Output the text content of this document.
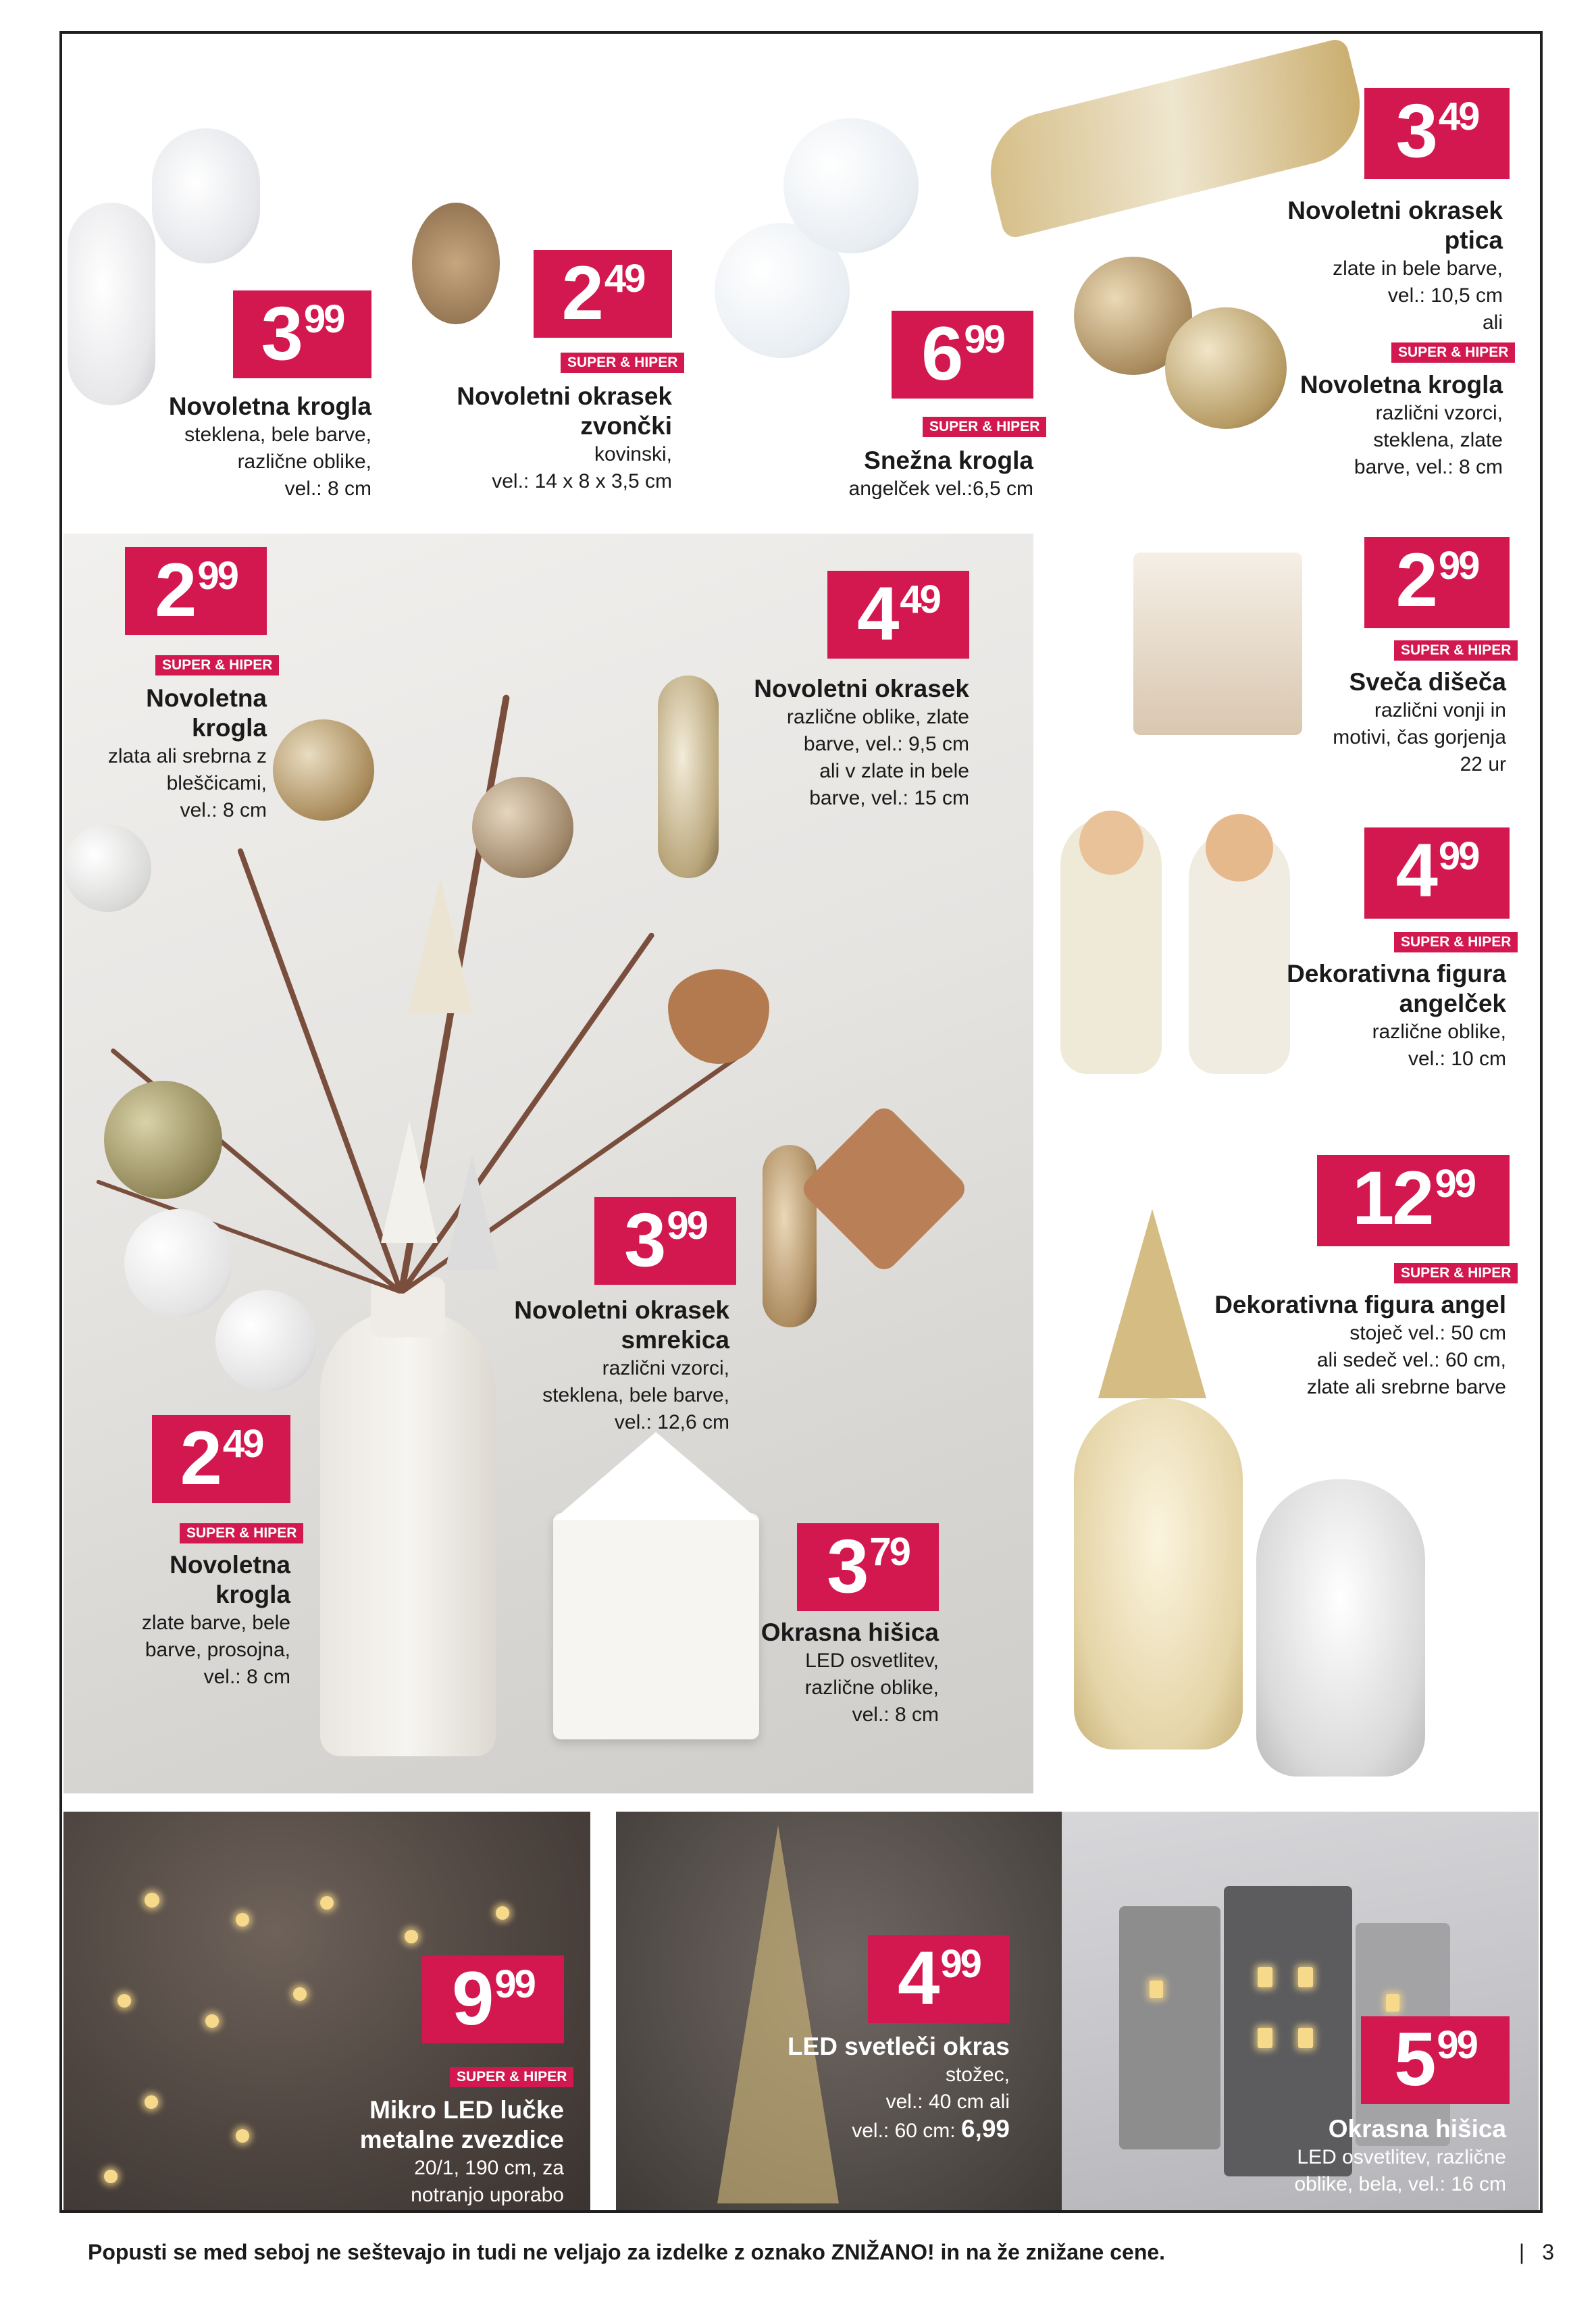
3 99
Novoletna krogla
steklena, bele barve,
različne oblike,
vel.: 8 cm
2 49
SUPER & HIPER
Novoletni okrasek zvončki
kovinski,
vel.: 14 x 8 x 3,5 cm
6 99
SUPER & HIPER
Snežna krogla
angelček vel.:6,5 cm
3 49
Novoletni okrasek ptica
zlate in bele barve,
vel.: 10,5 cm
ali
SUPER & HIPER
Novoletna krogla
različni vzorci,
steklena, zlate
barve, vel.: 8 cm
2 99
SUPER & HIPER
Novoletna krogla
zlata ali srebrna z
bleščicami,
vel.: 8 cm
4 49
Novoletni okrasek
različne oblike, zlate
barve, vel.: 9,5 cm
ali v zlate in bele
barve, vel.: 15 cm
2 99
SUPER & HIPER
Sveča dišeča
različni vonji in
motivi, čas gorjenja
22 ur
4 99
SUPER & HIPER
Dekorativna figura angelček
različne oblike,
vel.: 10 cm
3 99
Novoletni okrasek smrekica
različni vzorci,
steklena, bele barve,
vel.: 12,6 cm
12 99
SUPER & HIPER
Dekorativna figura angel
stoječ vel.: 50 cm
ali sedeč vel.: 60 cm,
zlate ali srebrne barve
2 49
SUPER & HIPER
Novoletna krogla
zlate barve, bele
barve, prosojna,
vel.: 8 cm
3 79
Okrasna hišica
LED osvetlitev,
različne oblike,
vel.: 8 cm
9 99
SUPER & HIPER
Mikro LED lučke metalne zvezdice
20/1, 190 cm, za
notranjo uporabo
4 99
LED svetleči okras
stožec,
vel.: 40 cm ali
vel.: 60 cm: 6,99
5 99
Okrasna hišica
LED osvetlitev, različne
oblike, bela, vel.: 16 cm
Popusti se med seboj ne seštevajo in tudi ne veljajo za izdelke z oznako ZNIŽANO! in na že znižane cene.	| 3
